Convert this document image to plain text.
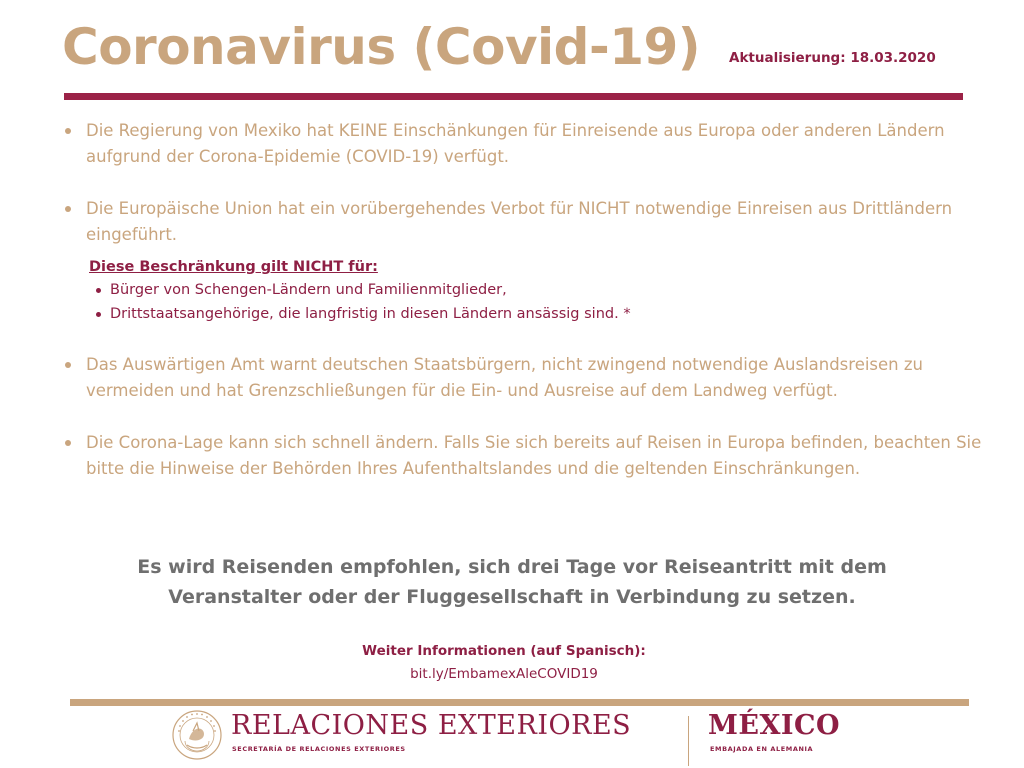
Coronavirus (Covid-19) Aktualisierung: 18.03.2020
Die Regierung von Mexiko hat KEINE Einschänkungen für Einreisende aus Europa oder anderen Ländern aufgrund der Corona-Epidemie (COVID-19) verfügt.
Die Europäische Union hat ein vorübergehendes Verbot für NICHT notwendige Einreisen aus Drittländern eingeführt.
Diese Beschränkung gilt NICHT für:
Bürger von Schengen-Ländern und Familienmitglieder,
Drittstaatsangehörige, die langfristig in diesen Ländern ansässig sind. *
Das Auswärtigen Amt warnt deutschen Staatsbürgern, nicht zwingend notwendige Auslandsreisen zu vermeiden und hat Grenzschließungen für die Ein- und Ausreise auf dem Landweg verfügt.
Die Corona-Lage kann sich schnell ändern. Falls Sie sich bereits auf Reisen in Europa befinden, beachten Sie bitte die Hinweise der Behörden Ihres Aufenthaltslandes und die geltenden Einschränkungen.
Es wird Reisenden empfohlen, sich drei Tage vor Reiseantritt mit dem
Veranstalter oder der Fluggesellschaft in Verbindung zu setzen.
Weiter Informationen (auf Spanisch):
bit.ly/EmbamexAleCOVID19
RELACIONES EXTERIORES
SECRETARÍA DE RELACIONES EXTERIORES
MÉXICO
EMBAJADA EN ALEMANIA
